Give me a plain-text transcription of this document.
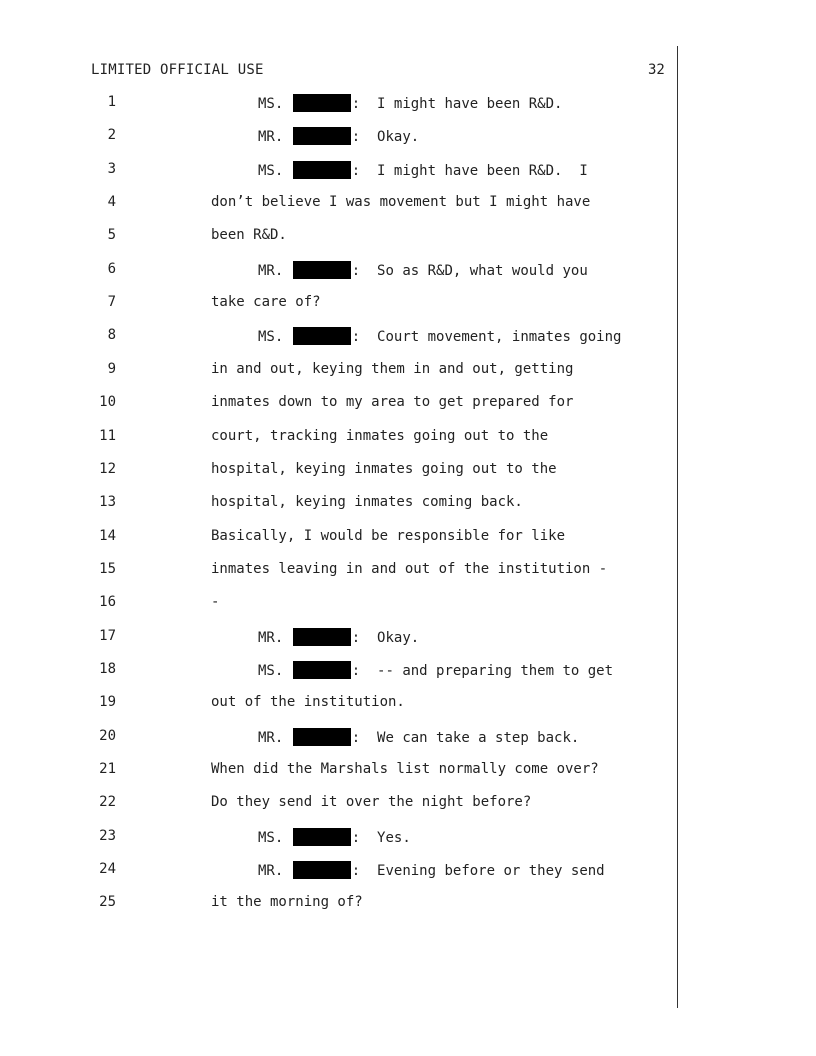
LIMITED OFFICIAL USE	32
1	MS.	:  I might have been R&D.
2	MR.	:  Okay.
3	MS.	:  I might have been R&D.  I
4	don’t believe I was movement but I might have
5	been R&D.
6	MR.	:  So as R&D, what would you
7	take care of?
8	MS.	:  Court movement, inmates going
9	in and out, keying them in and out, getting
10	inmates down to my area to get prepared for
11	court, tracking inmates going out to the
12	hospital, keying inmates going out to the
13	hospital, keying inmates coming back.
14	Basically, I would be responsible for like
15	inmates leaving in and out of the institution -
16	-
17	MR.	:  Okay.
18	MS.	:  -- and preparing them to get
19	out of the institution.
20	MR.	:  We can take a step back.
21	When did the Marshals list normally come over?
22	Do they send it over the night before?
23	MS.	:  Yes.
24	MR.	:  Evening before or they send
25	it the morning of?
